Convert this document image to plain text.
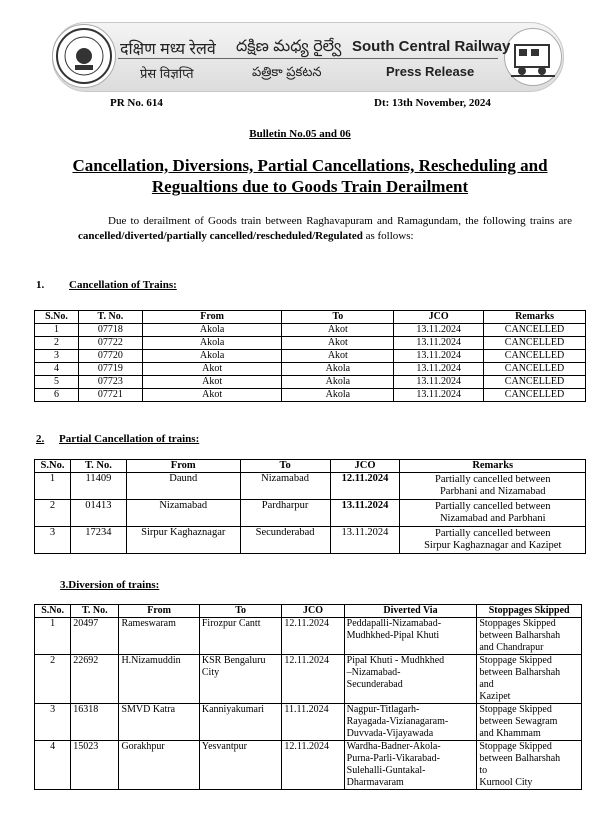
दक्षिण मध्य रेलवे దక్షిణ మధ్య రైల్వే South Central Railway
प्रेस विज्ञप्ति	పత్రికా ప్రకటన	Press Release
PR No. 614	Dt: 13th November, 2024
Bulletin No.05 and 06
Cancellation, Diversions, Partial Cancellations, Rescheduling and
Regualtions due to Goods Train Derailment
Due to derailment of Goods train between Raghavapuram and Ramagundam, the following trains are cancelled/diverted/partially cancelled/rescheduled/Regulated as follows:
1. Cancellation of Trains:
S.No.	T. No.	From	To	JCO	Remarks
1	07718	Akola	Akot	13.11.2024	CANCELLED
2	07722	Akola	Akot	13.11.2024	CANCELLED
3	07720	Akola	Akot	13.11.2024	CANCELLED
4	07719	Akot	Akola	13.11.2024	CANCELLED
5	07723	Akot	Akola	13.11.2024	CANCELLED
6	07721	Akot	Akola	13.11.2024	CANCELLED
2. Partial Cancellation of trains:
S.No.	T. No.	From	To	JCO	Remarks
1	11409	Daund	Nizamabad	12.11.2024	Partially cancelled between
Parbhani and Nizamabad
2	01413	Nizamabad	Pardharpur	13.11.2024	Partially cancelled between
Nizamabad and Parbhani
3	17234	Sirpur Kaghaznagar	Secunderabad	13.11.2024	Partially cancelled between
Sirpur Kaghaznagar and Kazipet
3.Diversion of trains:
S.No.	T. No.	From	To	JCO	Diverted Via	Stoppages Skipped
1	20497	Rameswaram	Firozpur Cantt	12.11.2024	Peddapalli-Nizamabad-
Mudhkhed-Pipal Khuti	Stoppages Skipped
between Balharshah
and Chandrapur
2	22692	H.Nizamuddin	KSR Bengaluru City	12.11.2024	Pipal Khuti - Mudhkhed
–Nizamabad-
Secunderabad	Stoppage Skipped
between Balharshah
and
Kazipet
3	16318	SMVD Katra	Kanniyakumari	11.11.2024	Nagpur-Titlagarh-
Rayagada-Vizianagaram-
Duvvada-Vijayawada	Stoppage Skipped
between Sewagram
and Khammam
4	15023	Gorakhpur	Yesvantpur	12.11.2024	Wardha-Badner-Akola-
Purna-Parli-Vikarabad-
Sulehalli-Guntakal-
Dharmavaram	Stoppage Skipped
between Balharshah
to
Kurnool City
